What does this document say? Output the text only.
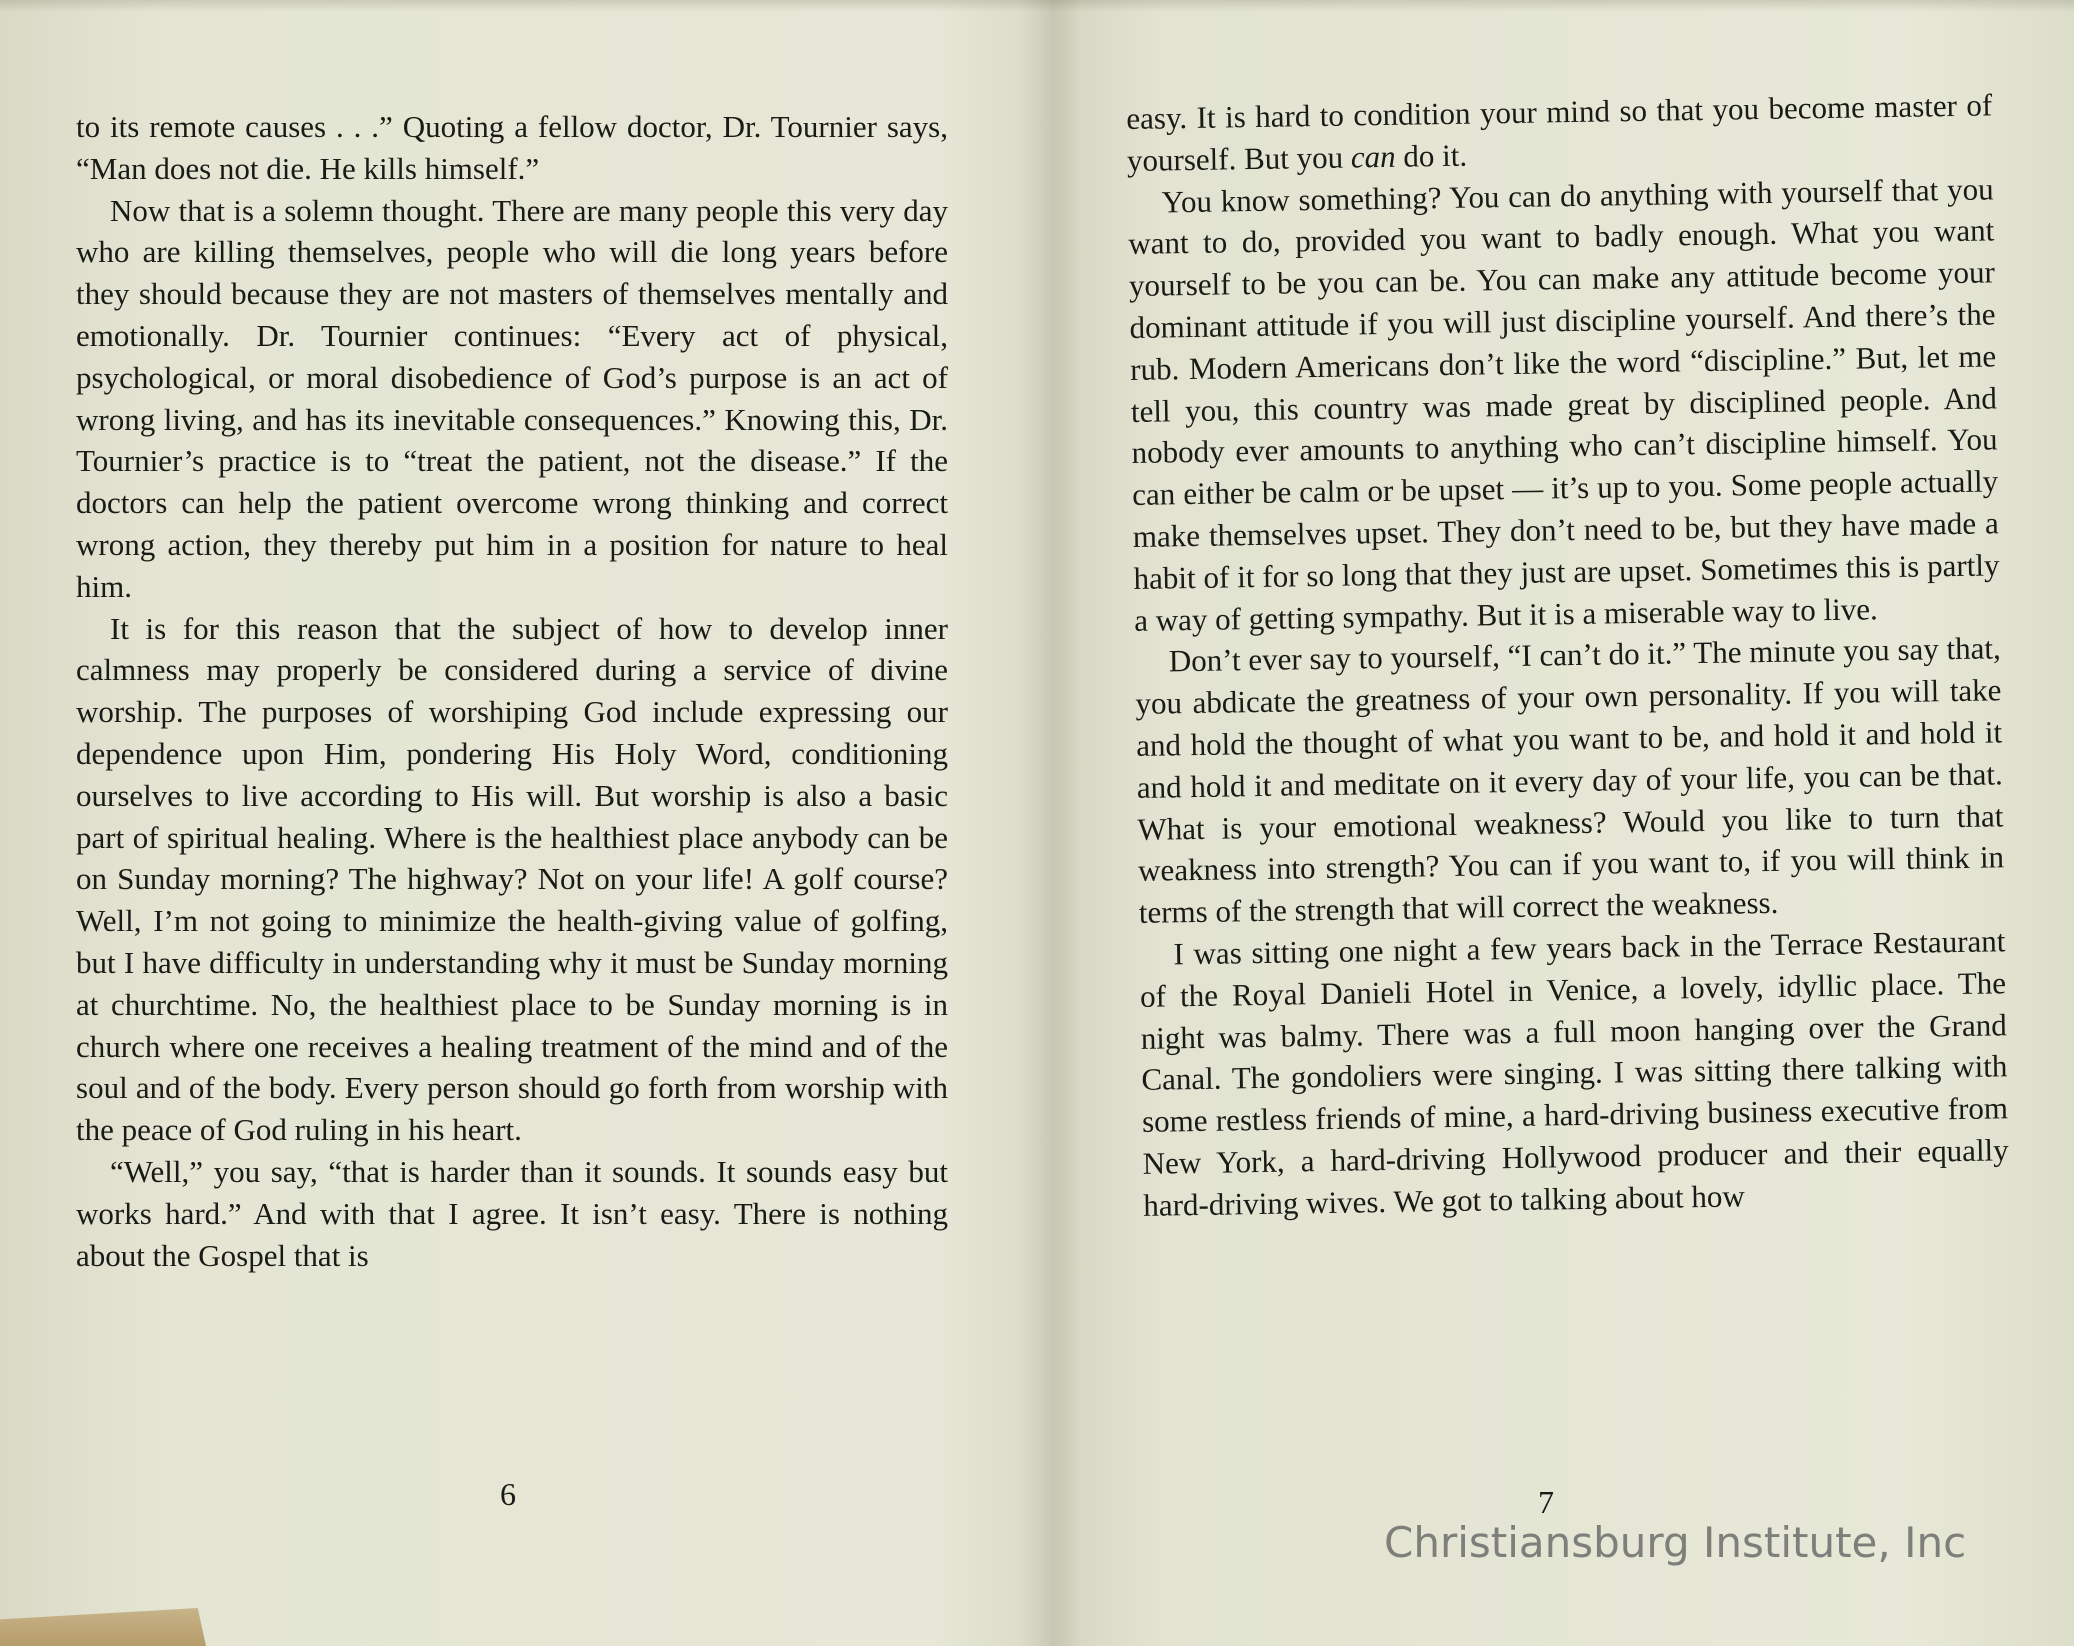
to its remote causes . . .” Quoting a fellow doctor, Dr. Tournier says, “Man does not die. He kills himself.”

Now that is a solemn thought. There are many people this very day who are killing themselves, people who will die long years before they should because they are not masters of themselves mentally and emotionally. Dr. Tournier continues: “Every act of physical, psychological, or moral disobedience of God’s purpose is an act of wrong living, and has its inevitable consequences.” Knowing this, Dr. Tournier’s practice is to “treat the patient, not the disease.” If the doctors can help the patient overcome wrong thinking and correct wrong action, they thereby put him in a position for nature to heal him.

It is for this reason that the subject of how to develop inner calmness may properly be considered during a service of divine worship. The purposes of worshiping God include expressing our dependence upon Him, pondering His Holy Word, conditioning ourselves to live according to His will. But worship is also a basic part of spiritual healing. Where is the healthiest place anybody can be on Sunday morning? The highway? Not on your life! A golf course? Well, I’m not going to minimize the health-giving value of golfing, but I have difficulty in understanding why it must be Sunday morning at churchtime. No, the healthiest place to be Sunday morning is in church where one receives a healing treatment of the mind and of the soul and of the body. Every person should go forth from worship with the peace of God ruling in his heart.

“Well,” you say, “that is harder than it sounds. It sounds easy but works hard.” And with that I agree. It isn’t easy. There is nothing about the Gospel that is

6

easy. It is hard to condition your mind so that you become master of yourself. But you can do it.

You know something? You can do anything with yourself that you want to do, provided you want to badly enough. What you want yourself to be you can be. You can make any attitude become your dominant attitude if you will just discipline yourself. And there’s the rub. Modern Americans don’t like the word “discipline.” But, let me tell you, this country was made great by disciplined people. And nobody ever amounts to anything who can’t discipline himself. You can either be calm or be upset — it’s up to you. Some people actually make themselves upset. They don’t need to be, but they have made a habit of it for so long that they just are upset. Sometimes this is partly a way of getting sympathy. But it is a miserable way to live.

Don’t ever say to yourself, “I can’t do it.” The minute you say that, you abdicate the greatness of your own personality. If you will take and hold the thought of what you want to be, and hold it and hold it and hold it and meditate on it every day of your life, you can be that. What is your emotional weakness? Would you like to turn that weakness into strength? You can if you want to, if you will think in terms of the strength that will correct the weakness.

I was sitting one night a few years back in the Terrace Restaurant of the Royal Danieli Hotel in Venice, a lovely, idyllic place. The night was balmy. There was a full moon hanging over the Grand Canal. The gondoliers were singing. I was sitting there talking with some restless friends of mine, a hard-driving business executive from New York, a hard-driving Hollywood producer and their equally hard-driving wives. We got to talking about how

7
Christiansburg Institute, Inc
